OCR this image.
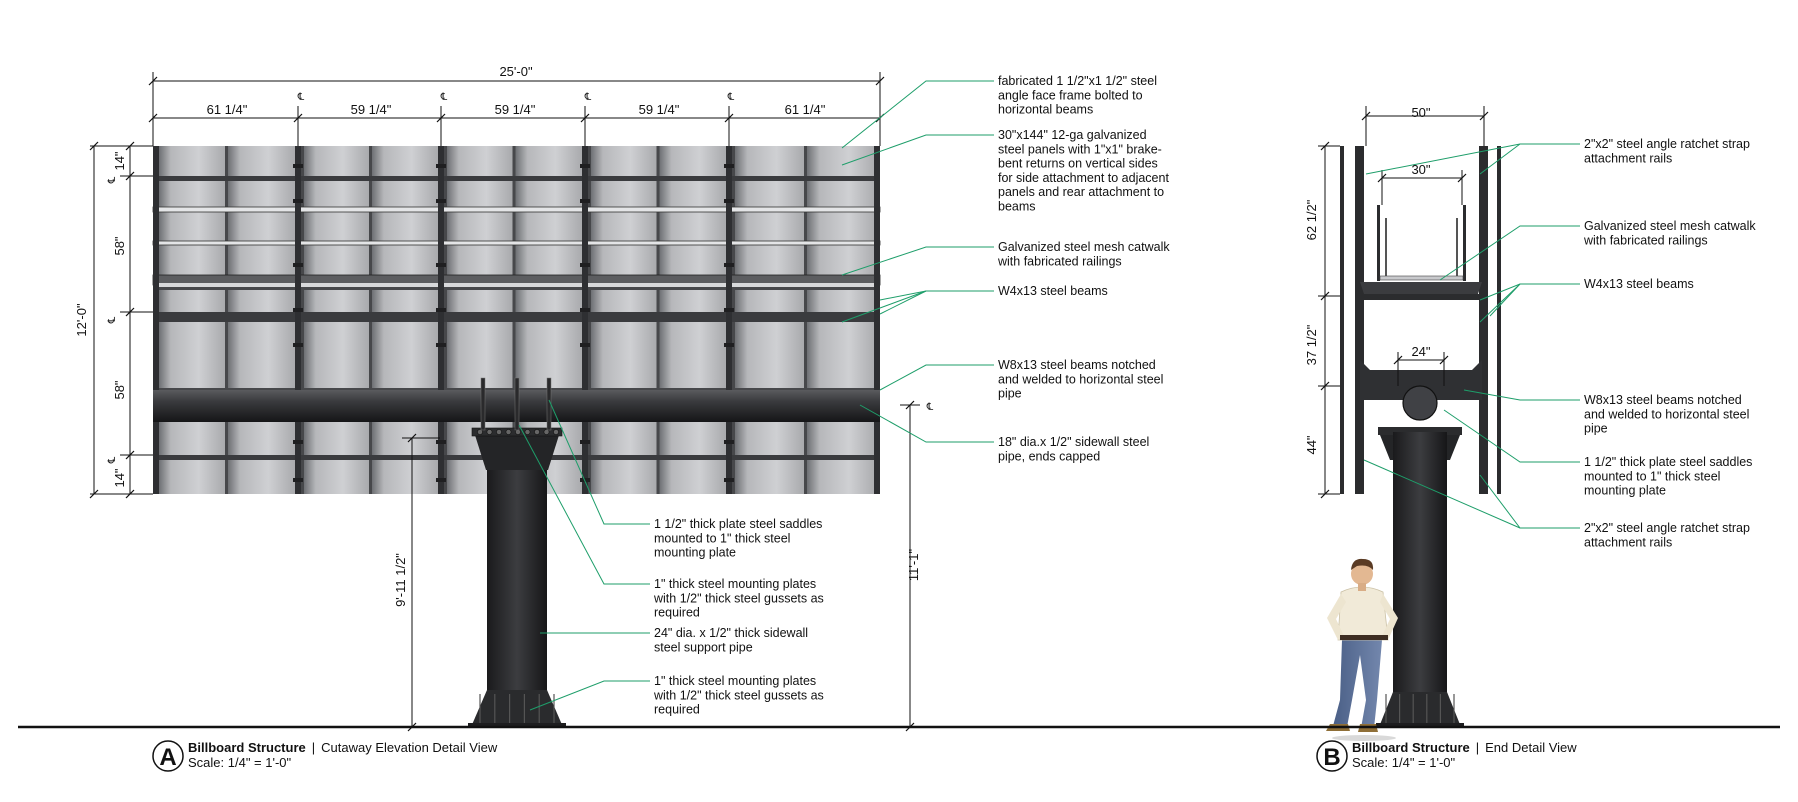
25'-0"
61 1/4"	59 1/4"	59 1/4"	59 1/4"	61 1/4"
℄	℄	℄	℄
℄
℄
℄
℄
12'-0"
14"
58"
58"
14"
9'-11 1/2"	11'-1"
fabricated 1 1/2"x1 1/2" steel
angle face frame bolted to
horizontal beams
30"x144" 12-ga galvanized
steel panels with 1"x1" brake-
bent returns on vertical sides
for side attachment to adjacent
panels and rear attachment to
beams
Galvanized steel mesh catwalk
with fabricated railings
W4x13 steel beams
W8x13 steel beams notched
and welded to horizontal steel
pipe
18" dia.x 1/2" sidewall steel
pipe, ends capped
1 1/2" thick plate steel saddles
mounted to 1" thick steel
mounting plate
1" thick steel mounting plates
with 1/2" thick steel gussets as
required
24" dia. x 1/2" thick sidewall
steel support pipe
1" thick steel mounting plates
with 1/2" thick steel gussets as
required
2"x2" steel angle ratchet strap
attachment rails
Galvanized steel mesh catwalk
with fabricated railings
W4x13 steel beams
W8x13 steel beams notched
and welded to horizontal steel
pipe
1 1/2" thick plate steel saddles
mounted to 1" thick steel
mounting plate
2"x2" steel angle ratchet strap
attachment rails
50"
30"
24"
62 1/2"
37 1/2"
44"
A Billboard Structure | Cutaway Elevation Detail View
Scale: 1/4" = 1'-0"	B Billboard Structure | End Detail View
Scale: 1/4" = 1'-0"
